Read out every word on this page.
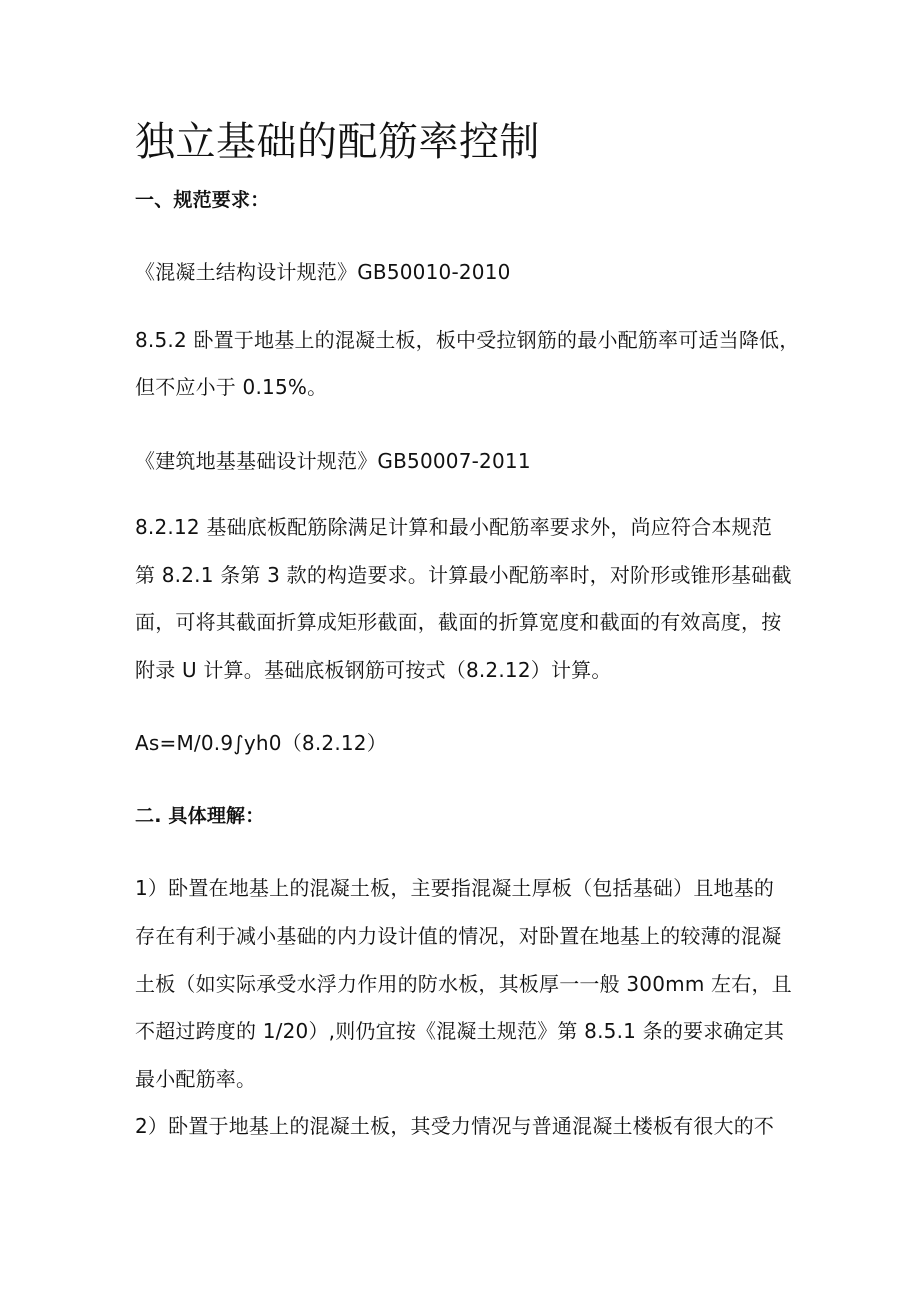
独立基础的配筋率控制
一、规范要求：
《混凝土结构设计规范》GB50010-2010
8.5.2 卧置于地基上的混凝土板，板中受拉钢筋的最小配筋率可适当降低，
但不应小于 0.15%。
《建筑地基基础设计规范》GB50007-2011
8.2.12 基础底板配筋除满足计算和最小配筋率要求外，尚应符合本规范
第 8.2.1 条第 3 款的构造要求。计算最小配筋率时，对阶形或锥形基础截
面，可将其截面折算成矩形截面，截面的折算宽度和截面的有效高度，按
附录 U 计算。基础底板钢筋可按式（8.2.12）计算。
As=M/0.9∫yh0（8.2.12）
二. 具体理解：
1）卧置在地基上的混凝土板，主要指混凝土厚板（包括基础）且地基的
存在有利于减小基础的内力设计值的情况，对卧置在地基上的较薄的混凝
土板（如实际承受水浮力作用的防水板，其板厚一一般 300mm 左右，且
不超过跨度的 1/20）,则仍宜按《混凝土规范》第 8.5.1 条的要求确定其
最小配筋率。
2）卧置于地基上的混凝土板，其受力情况与普通混凝土楼板有很大的不
